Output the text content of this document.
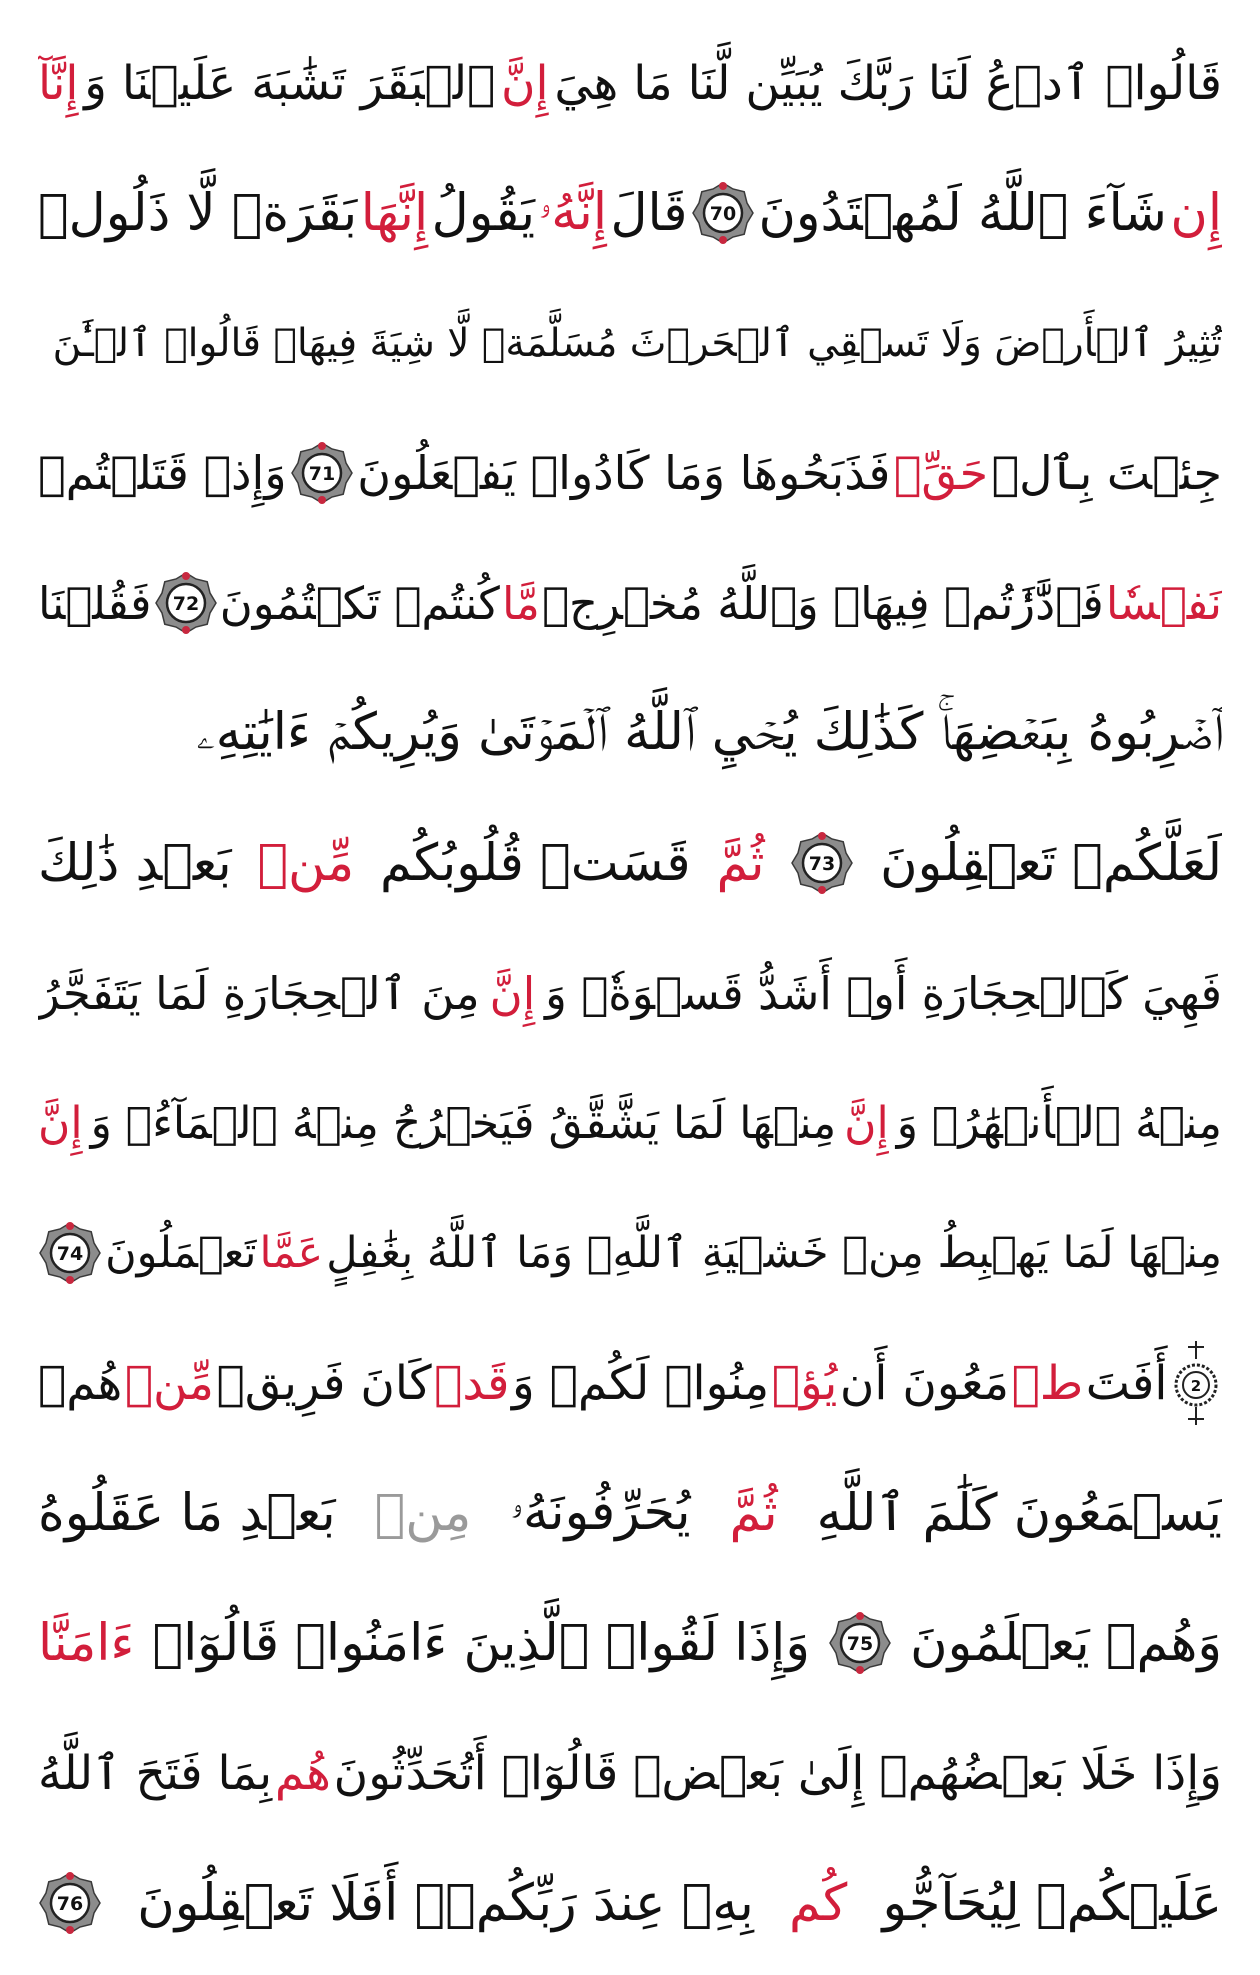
قَالُوا۟ ٱدۡعُ لَنَا رَبَّكَ يُبَيِّن لَّنَا مَا هِيَ
إِنَّ
ٱلۡبَقَرَ تَشَٰبَهَ عَلَيۡنَا وَ
إِنَّآ
إِن
شَآءَ ٱللَّهُ لَمُهۡتَدُونَ
70
قَالَ
إِنَّهُۥ
يَقُولُ
إِنَّهَا
بَقَرَةٞ لَّا ذَلُولٞ
تُثِيرُ ٱلۡأَرۡضَ وَلَا تَسۡقِي ٱلۡحَرۡثَ مُسَلَّمَةٞ لَّا شِيَةَ فِيهَاۚ قَالُوا۟ ٱلۡـَٰٔنَ
جِئۡتَ بِٱلۡ
حَقِّۚ
فَذَبَحُوهَا وَمَا كَادُوا۟ يَفۡعَلُونَ
71
وَإِذۡ قَتَلۡتُمۡ
نَفۡسٗا
فَٱدَّٰرَٰٔتُمۡ فِيهَاۖ وَٱللَّهُ مُخۡرِجٞ
مَّا
كُنتُمۡ تَكۡتُمُونَ
72
فَقُلۡنَا
ٱضۡرِبُوهُ بِبَعۡضِهَاۚ كَذَٰلِكَ يُحۡيِ ٱللَّهُ ٱلۡمَوۡتَىٰ وَيُرِيكُمۡ ءَايَٰتِهِۦ
لَعَلَّكُمۡ تَعۡقِلُونَ
73
ثُمَّ
قَسَتۡ قُلُوبُكُم
مِّنۢ
بَعۡدِ ذَٰلِكَ
فَهِيَ كَٱلۡحِجَارَةِ أَوۡ أَشَدُّ قَسۡوَةٗۚ وَ
إِنَّ
مِنَ ٱلۡحِجَارَةِ لَمَا يَتَفَجَّرُ
مِنۡهُ ٱلۡأَنۡهَٰرُۚ وَ
إِنَّ
مِنۡهَا لَمَا يَشَّقَّقُ فَيَخۡرُجُ مِنۡهُ ٱلۡمَآءُۚ وَ
إِنَّ
مِنۡهَا لَمَا يَهۡبِطُ مِنۡ خَشۡيَةِ ٱللَّهِۗ وَمَا ٱللَّهُ بِغَٰفِلٍ
عَمَّا
تَعۡمَلُونَ
74
2
أَفَتَ
طۡ
مَعُونَ أَن
يُؤۡ
مِنُوا۟ لَكُمۡ وَ
قَدۡ
كَانَ فَرِيقٞ
مِّنۡ
هُمۡ
يَسۡمَعُونَ كَلَٰمَ ٱللَّهِ
ثُمَّ
يُحَرِّفُونَهُۥ
مِنۢ
بَعۡدِ مَا عَقَلُوهُ
وَهُمۡ يَعۡلَمُونَ
75
وَإِذَا لَقُوا۟ ٱلَّذِينَ ءَامَنُوا۟ قَالُوٓا۟
ءَامَنَّا
وَإِذَا خَلَا بَعۡضُهُمۡ إِلَىٰ بَعۡضٖ قَالُوٓا۟ أَتُحَدِّثُونَ
هُم
بِمَا فَتَحَ ٱللَّهُ
عَلَيۡكُمۡ لِيُحَآجُّو
كُم
بِهِۦ عِندَ رَبِّكُمۡۚ أَفَلَا تَعۡقِلُونَ
76
